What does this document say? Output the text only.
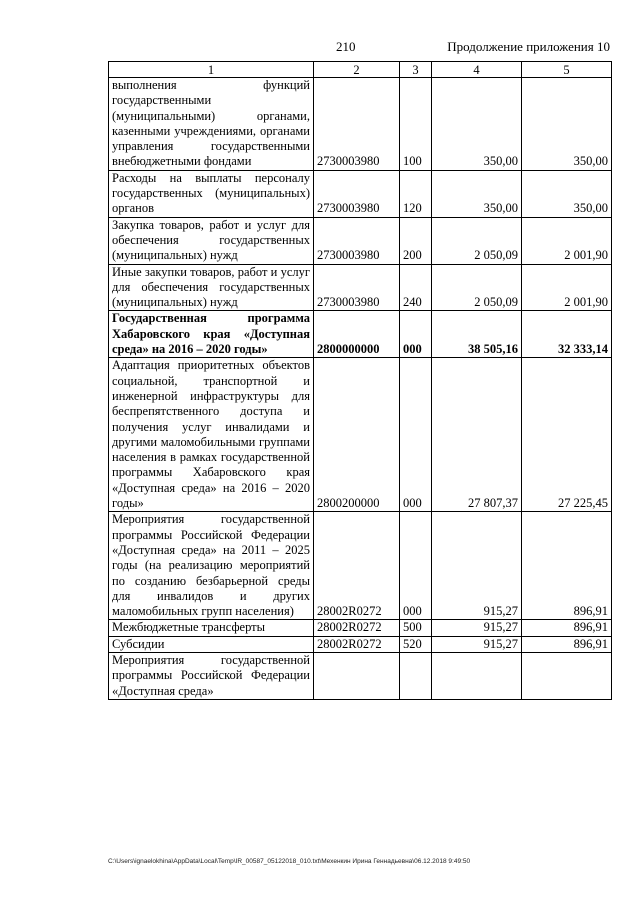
210	Продолжение приложения 10
1	2	3	4	5
выполнения функций государственными (муниципальными) органами, казенными учреждениями, органами управления государственными внебюджетными фондами	2730003980	100	350,00	350,00
Расходы на выплаты персоналу государственных (муниципальных) органов	2730003980	120	350,00	350,00
Закупка товаров, работ и услуг для обеспечения государственных (муниципальных) нужд	2730003980	200	2 050,09	2 001,90
Иные закупки товаров, работ и услуг для обеспечения государственных (муниципальных) нужд	2730003980	240	2 050,09	2 001,90
Государственная программа Хабаровского края «Доступная среда» на 2016 – 2020 годы»	2800000000	000	38 505,16	32 333,14
Адаптация приоритетных объектов социальной, транспортной и инженерной инфраструктуры для беспрепятственного доступа и получения услуг инвалидами и другими маломобильными группами населения в рамках государственной программы Хабаровского края «Доступная среда» на 2016 – 2020 годы»	2800200000	000	27 807,37	27 225,45
Мероприятия государственной программы Российской Федерации «Доступная среда» на 2011 – 2025 годы (на реализацию мероприятий по созданию безбарьерной среды для инвалидов и других маломобильных групп населения)	28002R0272	000	915,27	896,91
Межбюджетные трансферты	28002R0272	500	915,27	896,91
Субсидии	28002R0272	520	915,27	896,91
Мероприятия государственной программы Российской Федерации «Доступная среда»				
C:\Users\ignaelokhina\AppData\Local\Temp\IR_00587_05122018_010.txt\Мехенкин Ирина Геннадьевна\06.12.2018 9:49:50
